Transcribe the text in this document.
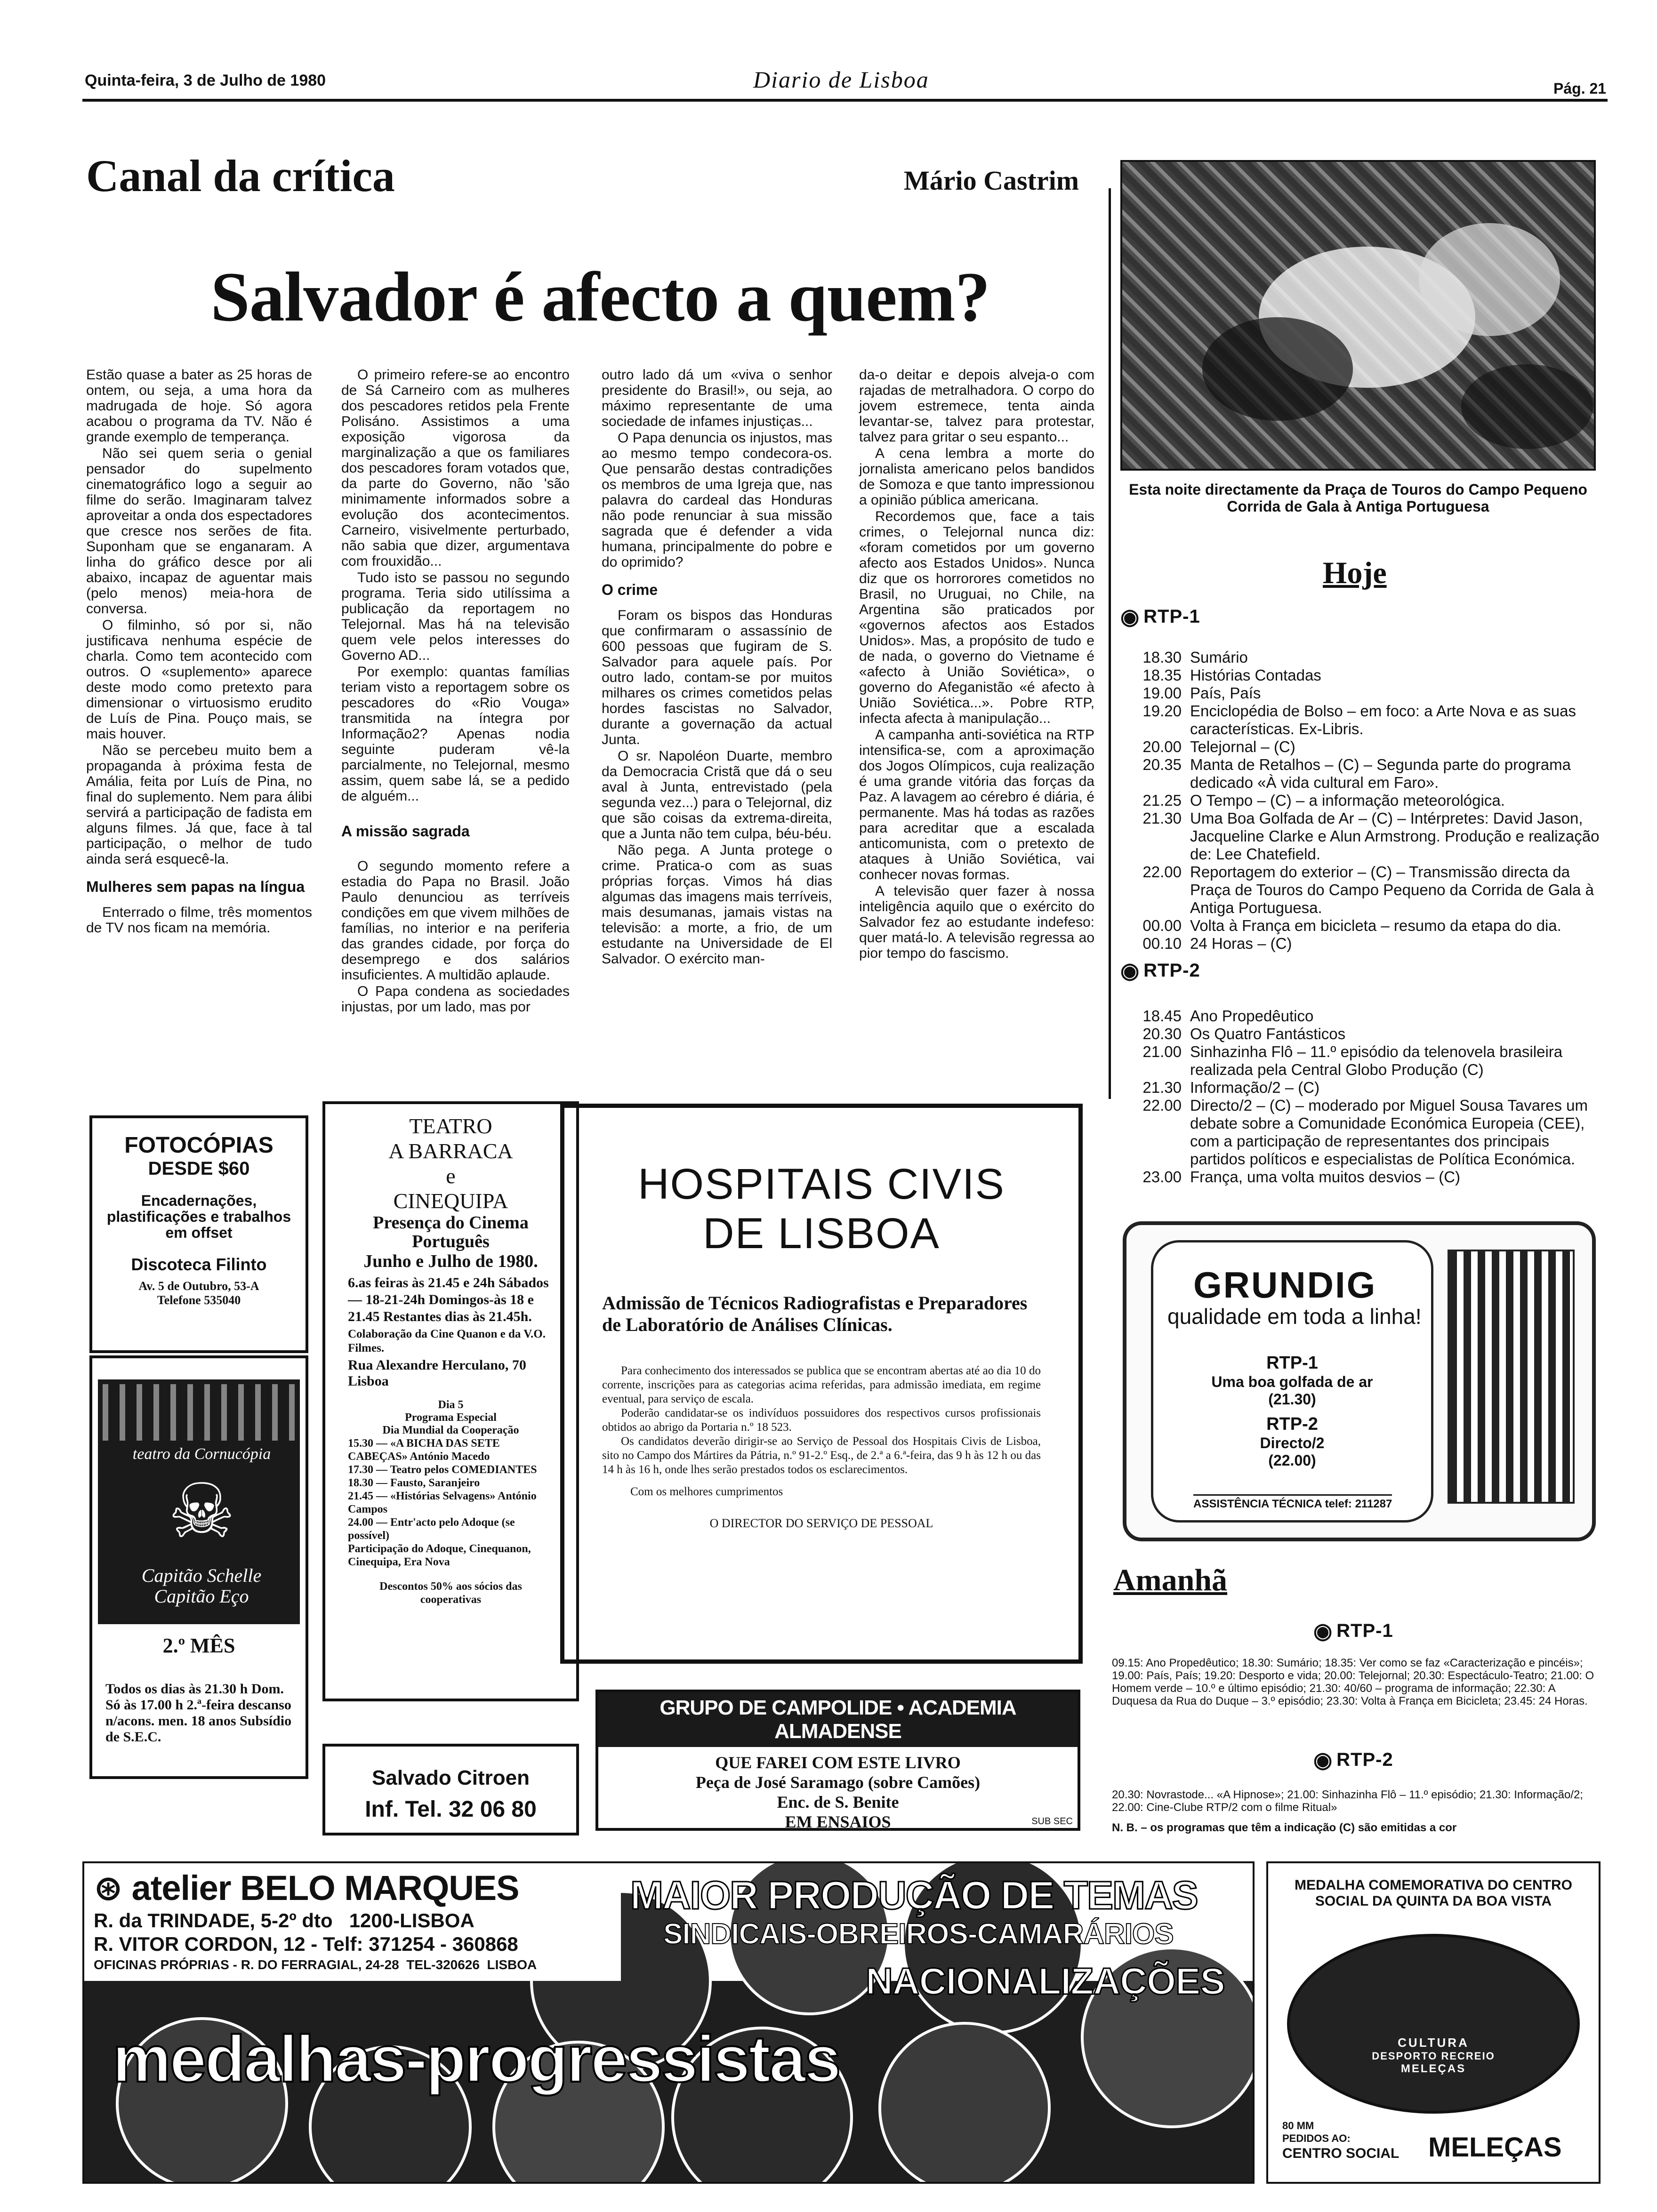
Quinta-feira, 3 de Julho de 1980	Diario de Lisboa	Pág. 21
Canal da crítica	Mário Castrim
Salvador é afecto a quem?

Estão quase a bater as 25 horas de ontem, ou seja, a uma hora da madrugada de hoje. Só agora acabou o programa da TV. Não é grande exemplo de temperança.

Não sei quem seria o genial pensador do supelmento cinematográfico logo a seguir ao filme do serão. Imaginaram talvez aproveitar a onda dos espectadores que cresce nos serões de fita. Suponham que se enganaram. A linha do gráfico desce por ali abaixo, incapaz de aguentar mais (pelo menos) meia-hora de conversa.

O filminho, só por si, não justificava nenhuma espécie de charla. Como tem acontecido com outros. O «suplemento» aparece deste modo como pretexto para dimensionar o virtuosismo erudito de Luís de Pina. Pouço mais, se mais houver.

Não se percebeu muito bem a propaganda à próxima festa de Amália, feita por Luís de Pina, no final do suplemento. Nem para álibi servirá a participação de fadista em alguns filmes. Já que, face à tal participação, o melhor de tudo ainda será esquecê-la.

Mulheres sem papas na língua

Enterrado o filme, três momentos de TV nos ficam na memória.

O primeiro refere-se ao encontro de Sá Carneiro com as mulheres dos pescadores retidos pela Frente Polisáno. Assistimos a uma exposição vigorosa da marginalização a que os familiares dos pescadores foram votados que, da parte do Governo, não 'são minimamente informados sobre a evolução dos acontecimentos. Carneiro, visivelmente perturbado, não sabia que dizer, argumentava com frouxidão...

Tudo isto se passou no segundo programa. Teria sido utilíssima a publicação da reportagem no Telejornal. Mas há na televisão quem vele pelos interesses do Governo AD...

Por exemplo: quantas famílias teriam visto a reportagem sobre os pescadores do «Rio Vouga» transmitida na íntegra por Informação2? Apenas nodia seguinte puderam vê-la parcialmente, no Telejornal, mesmo assim, quem sabe lá, se a pedido de alguém...

A missão sagrada

O segundo momento refere a estadia do Papa no Brasil. João Paulo denunciou as terríveis condições em que vivem milhões de famílias, no interior e na periferia das grandes cidade, por força do desemprego e dos salários insuficientes. A multidão aplaude.

O Papa condena as sociedades injustas, por um lado, mas por

outro lado dá um «viva o senhor presidente do Brasil!», ou seja, ao máximo representante de uma sociedade de infames injustiças...

O Papa denuncia os injustos, mas ao mesmo tempo condecora-os. Que pensarão destas contradições os membros de uma Igreja que, nas palavra do cardeal das Honduras não pode renunciar à sua missão sagrada que é defender a vida humana, principalmente do pobre e do oprimido?

O crime

Foram os bispos das Honduras que confirmaram o assassínio de 600 pessoas que fugiram de S. Salvador para aquele país. Por outro lado, contam-se por muitos milhares os crimes cometidos pelas hordes fascistas no Salvador, durante a governação da actual Junta.

O sr. Napoléon Duarte, membro da Democracia Cristã que dá o seu aval à Junta, entrevistado (pela segunda vez...) para o Telejornal, diz que são coisas da extrema-direita, que a Junta não tem culpa, béu-béu.

Não pega. A Junta protege o crime. Pratica-o com as suas próprias forças. Vimos há dias algumas das imagens mais terríveis, mais desumanas, jamais vistas na televisão: a morte, a frio, de um estudante na Universidade de El Salvador. O exército man-

da-o deitar e depois alveja-o com rajadas de metralhadora. O corpo do jovem estremece, tenta ainda levantar-se, talvez para protestar, talvez para gritar o seu espanto...

A cena lembra a morte do jornalista americano pelos bandidos de Somoza e que tanto impressionou a opinião pública americana.

Recordemos que, face a tais crimes, o Telejornal nunca diz: «foram cometidos por um governo afecto aos Estados Unidos». Nunca diz que os horrorores cometidos no Brasil, no Uruguai, no Chile, na Argentina são praticados por «governos afectos aos Estados Unidos». Mas, a propósito de tudo e de nada, o governo do Vietname é «afecto à União Soviética», o governo do Afeganistão «é afecto à União Soviética...». Pobre RTP, infecta afecta à manipulação...

A campanha anti-soviética na RTP intensifica-se, com a aproximação dos Jogos Olímpicos, cuja realização é uma grande vitória das forças da Paz. A lavagem ao cérebro é diária, é permanente. Mas há todas as razões para acreditar que a escalada anticomunista, com o pretexto de ataques à União Soviética, vai conhecer novas formas.

A televisão quer fazer à nossa inteligência aquilo que o exército do Salvador fez ao estudante indefeso: quer matá-lo. A televisão regressa ao pior tempo do fascismo.

Esta noite directamente da Praça de Touros do Campo Pequeno Corrida de Gala à Antiga Portuguesa
Hoje
◉ RTP-1
18.30 Sumário
18.35 Histórias Contadas
19.00 País, País
19.20 Enciclopédia de Bolso – em foco: a Arte Nova e as suas características. Ex-Libris.
20.00 Telejornal – (C)
20.35 Manta de Retalhos – (C) – Segunda parte do programa dedicado «À vida cultural em Faro».
21.25 O Tempo – (C) – a informação meteorológica.
21.30 Uma Boa Golfada de Ar – (C) – Intérpretes: David Jason, Jacqueline Clarke e Alun Armstrong. Produção e realização de: Lee Chatefield.
22.00 Reportagem do exterior – (C) – Transmissão directa da Praça de Touros do Campo Pequeno da Corrida de Gala à Antiga Portuguesa.
00.00 Volta à França em bicicleta – resumo da etapa do dia.
00.10 24 Horas – (C)
◉ RTP-2
18.45 Ano Propedêutico
20.30 Os Quatro Fantásticos
21.00 Sinhazinha Flô – 11.º episódio da telenovela brasileira realizada pela Central Globo Produção (C)
21.30 Informação/2 – (C)
22.00 Directo/2 – (C) – moderado por Miguel Sousa Tavares um debate sobre a Comunidade Económica Europeia (CEE), com a participação de representantes dos principais partidos políticos e especialistas de Política Económica.
23.00 França, uma volta muitos desvios – (C)
GRUNDIG
qualidade em toda a linha!
RTP-1
Uma boa golfada de ar
(21.30)
RTP-2
Directo/2
(22.00)
ASSISTÊNCIA TÉCNICA telef: 211287
Amanhã
◉ RTP-1
09.15: Ano Propedêutico; 18.30: Sumário; 18.35: Ver como se faz «Caracterização e pincéis»; 19.00: País, País; 19.20: Desporto e vida; 20.00: Telejornal; 20.30: Espectáculo-Teatro; 21.00: O Homem verde – 10.º e último episódio; 21.30: 40/60 – programa de informação; 22.30: A Duquesa da Rua do Duque – 3.º episódio; 23.30: Volta à França em Bicicleta; 23.45: 24 Horas.
◉ RTP-2
20.30: Novrastode... «A Hipnose»; 21.00: Sinhazinha Flô – 11.º episódio; 21.30: Informação/2; 22.00: Cine-Clube RTP/2 com o filme Ritual»
N. B. – os programas que têm a indicação (C) são emitidas a cor
FOTOCÓPIAS
DESDE $60
Encadernações, plastificações e trabalhos em offset
Discoteca Filinto
Av. 5 de Outubro, 53-A
Telefone 535040
teatro da Cornucópia
☠
Capitão Schelle Capitão Eço
2.º MÊS
Todos os dias às 21.30 h Dom. Só às 17.00 h 2.ª-feira descanso n/acons. men. 18 anos Subsídio de S.E.C.
TEATRO
A BARRACA
e
CINEQUIPA
Presença do Cinema Português
Junho e Julho de 1980.
6.as feiras às 21.45 e 24h Sábados — 18-21-24h Domingos-às 18 e 21.45 Restantes dias às 21.45h.
Colaboração da Cine Quanon e da V.O. Filmes.
Rua Alexandre Herculano, 70 Lisboa
Dia 5
Programa Especial
Dia Mundial da Cooperação
15.30 — «A BICHA DAS SETE CABEÇAS» António Macedo
17.30 — Teatro pelos COMEDIANTES
18.30 — Fausto, Saranjeiro
21.45 — «Histórias Selvagens» António Campos
24.00 — Entr'acto pelo Adoque (se possível)
Participação do Adoque, Cinequanon, Cinequipa, Era Nova
Descontos 50% aos sócios das cooperativas
Salvado Citroen
Inf. Tel. 32 06 80
HOSPITAIS CIVIS
DE LISBOA
Admissão de Técnicos Radiografistas e Preparadores de Laboratório de Análises Clínicas.
Para conhecimento dos interessados se publica que se encontram abertas até ao dia 10 do corrente, inscrições para as categorias acima referidas, para admissão imediata, em regime eventual, para serviço de escala.
Poderão candidatar-se os indivíduos possuidores dos respectivos cursos profissionais obtidos ao abrigo da Portaria n.º 18 523.
Os candidatos deverão dirigir-se ao Serviço de Pessoal dos Hospitais Civis de Lisboa, sito no Campo dos Mártires da Pátria, n.º 91-2.º Esq., de 2.ª a 6.ª-feira, das 9 h às 12 h ou das 14 h às 16 h, onde lhes serão prestados todos os esclarecimentos.
Com os melhores cumprimentos
O DIRECTOR DO SERVIÇO DE PESSOAL
GRUPO DE CAMPOLIDE • ACADEMIA ALMADENSE
QUE FAREI COM ESTE LIVRO
Peça de José Saramago (sobre Camões)
Enc. de S. Benite
EM ENSAIOS	SUB SEC
⊛ atelier BELO MARQUES
R. da TRINDADE, 5-2º dto   1200-LISBOA
R. VITOR CORDON, 12 - Telf: 371254 - 360868
OFICINAS PRÓPRIAS - R. DO FERRAGIAL, 24-28  TEL-320626  LISBOA
MAIOR PRODUÇÃO DE TEMAS
SINDICAIS-OBREIROS-CAMARÁRIOS
NACIONALIZAÇÕES
medalhas-progressistas
MEDALHA COMEMORATIVA DO CENTRO SOCIAL DA QUINTA DA BOA VISTA
CULTURA
DESPORTO RECREIO
MELEÇAS
80 MM
PEDIDOS AO:
CENTRO SOCIAL MELEÇAS
